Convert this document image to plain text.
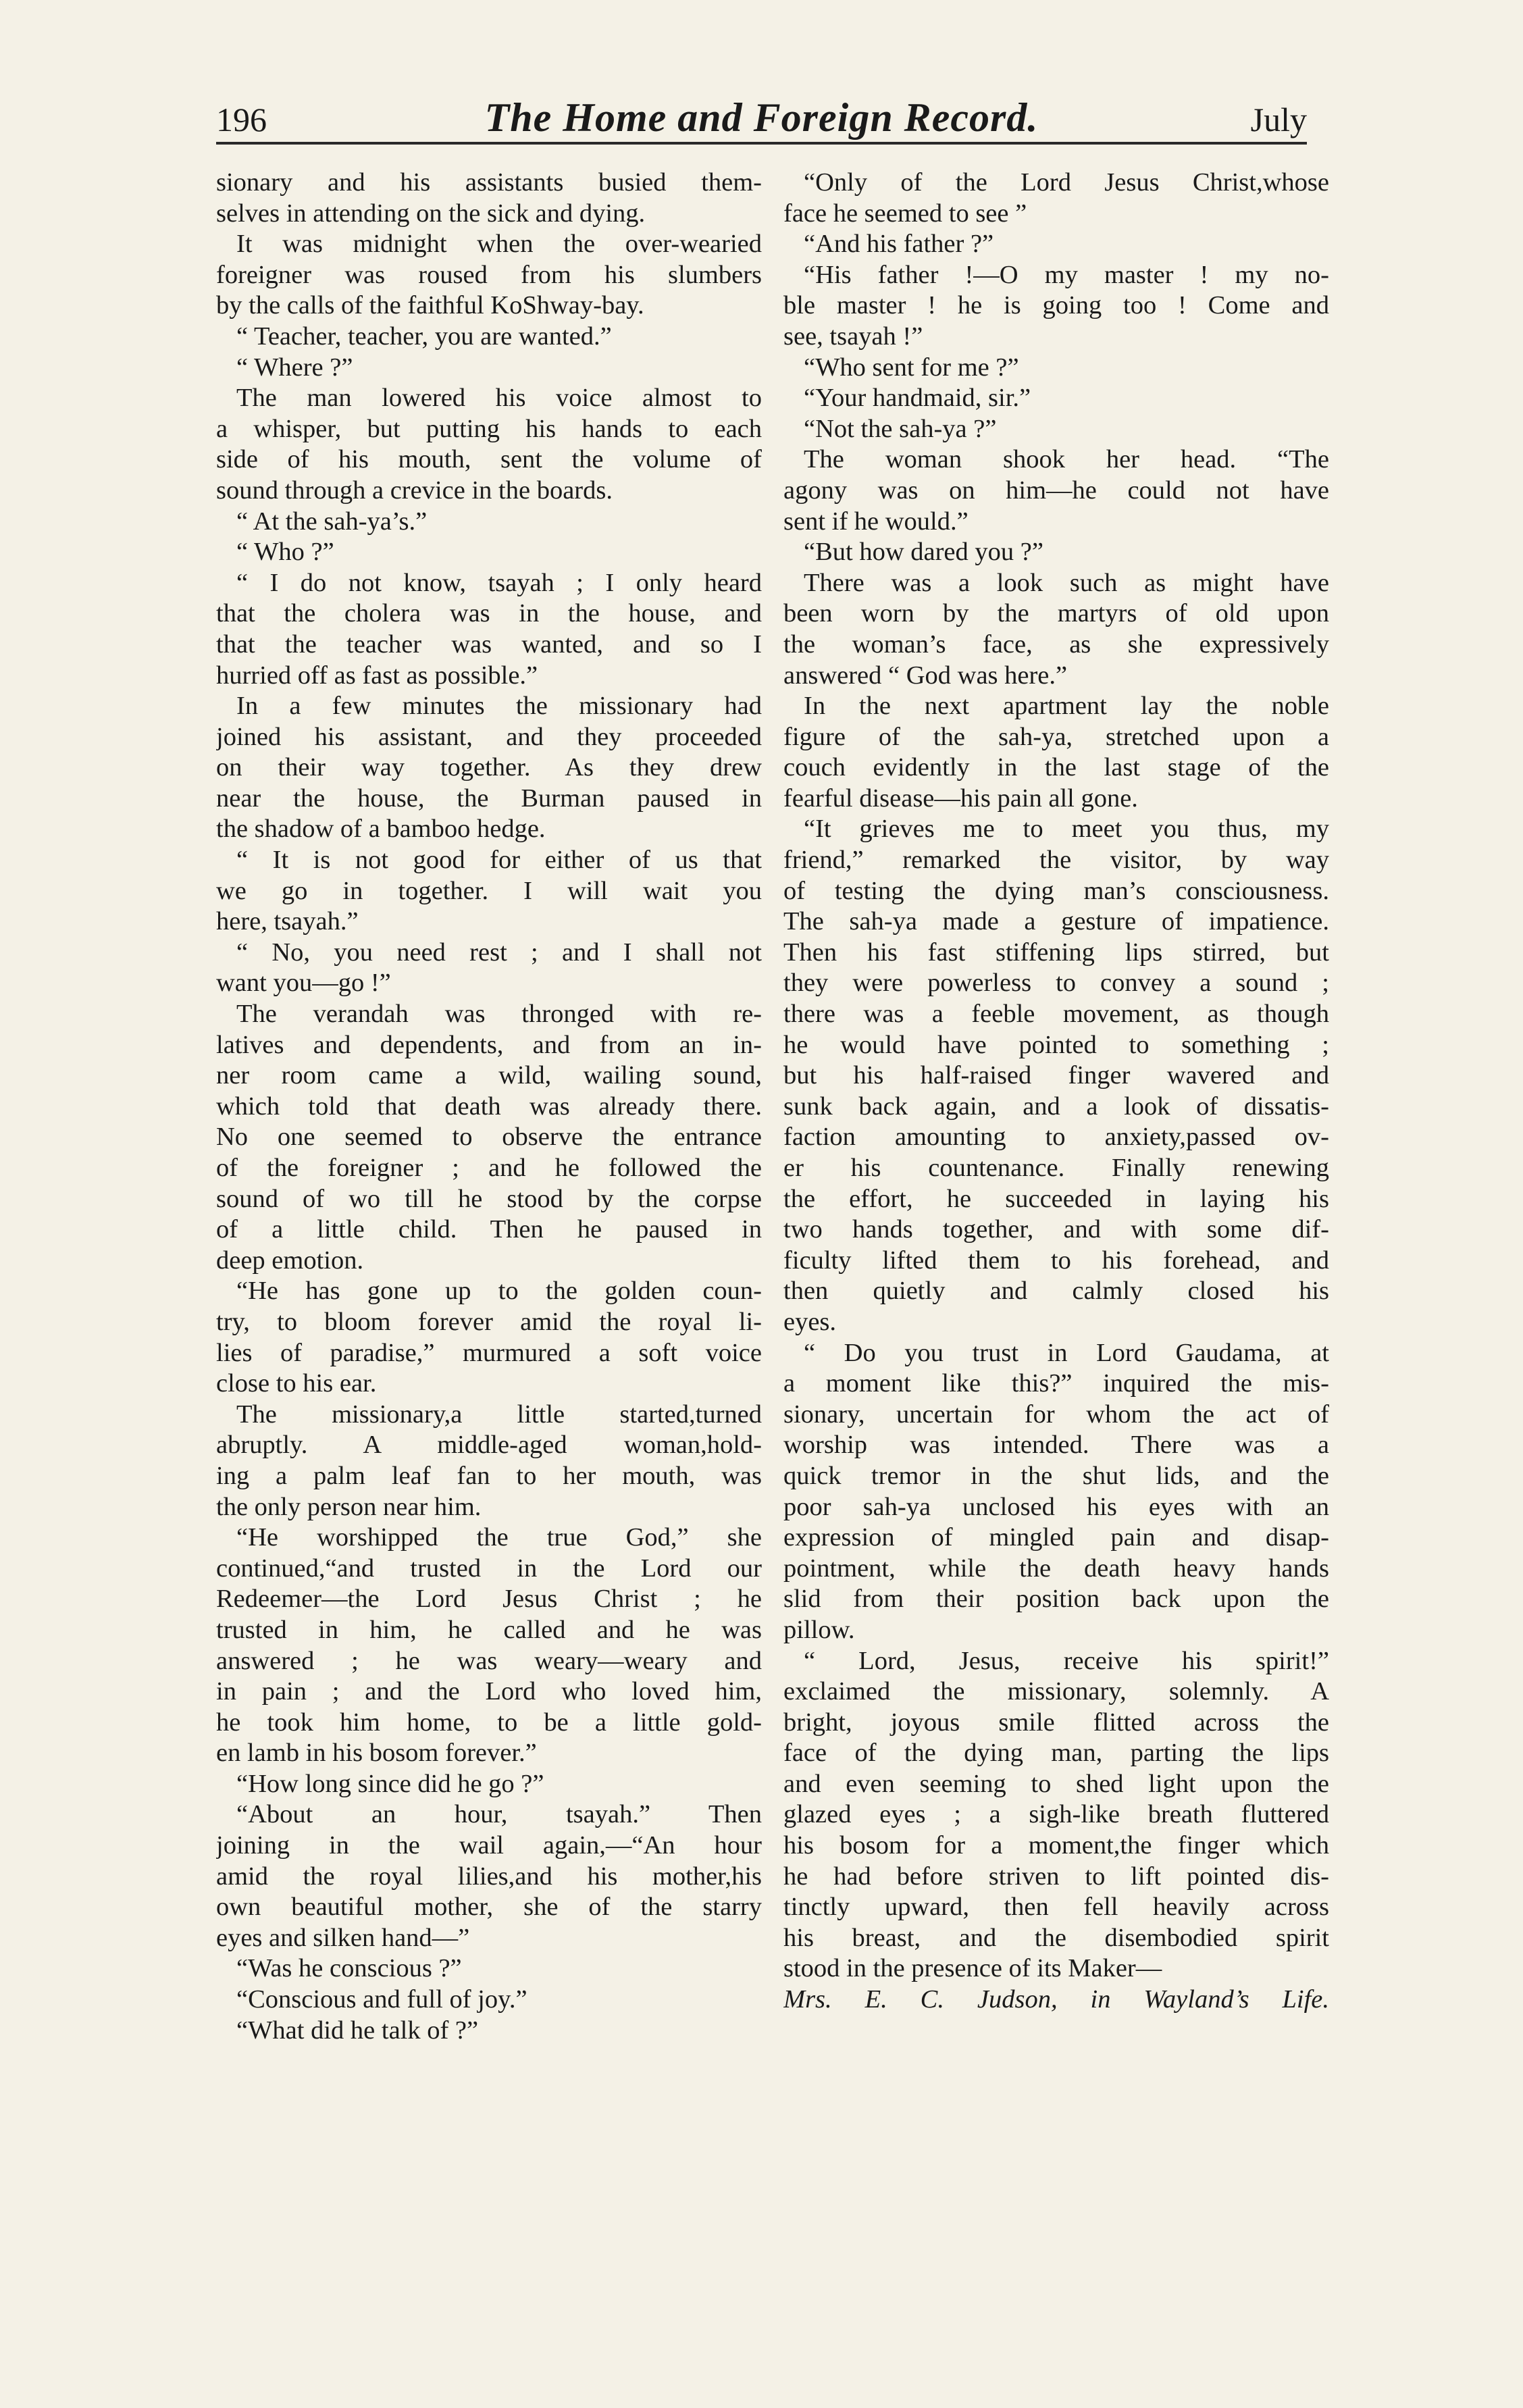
196	The Home and Foreign Record.	July
sionary and his assistants busied them-
selves in attending on the sick and dying.
It was midnight when the over-wearied
foreigner was roused from his slumbers
by the calls of the faithful KoShway-bay.
“ Teacher, teacher, you are wanted.”
“ Where ?”
The man lowered his voice almost to
a whisper, but putting his hands to each
side of his mouth, sent the volume of
sound through a crevice in the boards.
“ At the sah-ya’s.”
“ Who ?”
“ I do not know, tsayah ; I only heard
that the cholera was in the house, and
that the teacher was wanted, and so I
hurried off as fast as possible.”
In a few minutes the missionary had
joined his assistant, and they proceeded
on their way together. As they drew
near the house, the Burman paused in
the shadow of a bamboo hedge.
“ It is not good for either of us that
we go in together. I will wait you
here, tsayah.”
“ No, you need rest ; and I shall not
want you—go !”
The verandah was thronged with re-
latives and dependents, and from an in-
ner room came a wild, wailing sound,
which told that death was already there.
No one seemed to observe the entrance
of the foreigner ; and he followed the
sound of wo till he stood by the corpse
of a little child. Then he paused in
deep emotion.
“He has gone up to the golden coun-
try, to bloom forever amid the royal li-
lies of paradise,” murmured a soft voice
close to his ear.
The missionary,a little started,turned
abruptly. A middle-aged woman,hold-
ing a palm leaf fan to her mouth, was
the only person near him.
“He worshipped the true God,” she
continued,“and trusted in the Lord our
Redeemer—the Lord Jesus Christ ; he
trusted in him, he called and he was
answered ; he was weary—weary and
in pain ; and the Lord who loved him,
he took him home, to be a little gold-
en lamb in his bosom forever.”
“How long since did he go ?”
“About an hour, tsayah.” Then
joining in the wail again,—“An hour
amid the royal lilies,and his mother,his
own beautiful mother, she of the starry
eyes and silken hand—”
“Was he conscious ?”
“Conscious and full of joy.”
“What did he talk of ?”
“Only of the Lord Jesus Christ,whose
face he seemed to see ”
“And his father ?”
“His father !—O my master ! my no-
ble master ! he is going too ! Come and
see, tsayah !”
“Who sent for me ?”
“Your handmaid, sir.”
“Not the sah-ya ?”
The woman shook her head. “The
agony was on him—he could not have
sent if he would.”
“But how dared you ?”
There was a look such as might have
been worn by the martyrs of old upon
the woman’s face, as she expressively
answered “ God was here.”
In the next apartment lay the noble
figure of the sah-ya, stretched upon a
couch evidently in the last stage of the
fearful disease—his pain all gone.
“It grieves me to meet you thus, my
friend,” remarked the visitor, by way
of testing the dying man’s consciousness.
The sah-ya made a gesture of impatience.
Then his fast stiffening lips stirred, but
they were powerless to convey a sound ;
there was a feeble movement, as though
he would have pointed to something ;
but his half-raised finger wavered and
sunk back again, and a look of dissatis-
faction amounting to anxiety,passed ov-
er his countenance. Finally renewing
the effort, he succeeded in laying his
two hands together, and with some dif-
ficulty lifted them to his forehead, and
then quietly and calmly closed his
eyes.
“ Do you trust in Lord Gaudama, at
a moment like this?” inquired the mis-
sionary, uncertain for whom the act of
worship was intended. There was a
quick tremor in the shut lids, and the
poor sah-ya unclosed his eyes with an
expression of mingled pain and disap-
pointment, while the death heavy hands
slid from their position back upon the
pillow.
“ Lord, Jesus, receive his spirit!”
exclaimed the missionary, solemnly. A
bright, joyous smile flitted across the
face of the dying man, parting the lips
and even seeming to shed light upon the
glazed eyes ; a sigh-like breath fluttered
his bosom for a moment,the finger which
he had before striven to lift pointed dis-
tinctly upward, then fell heavily across
his breast, and the disembodied spirit
stood in the presence of its Maker—
Mrs. E. C. Judson, in Wayland’s Life.
